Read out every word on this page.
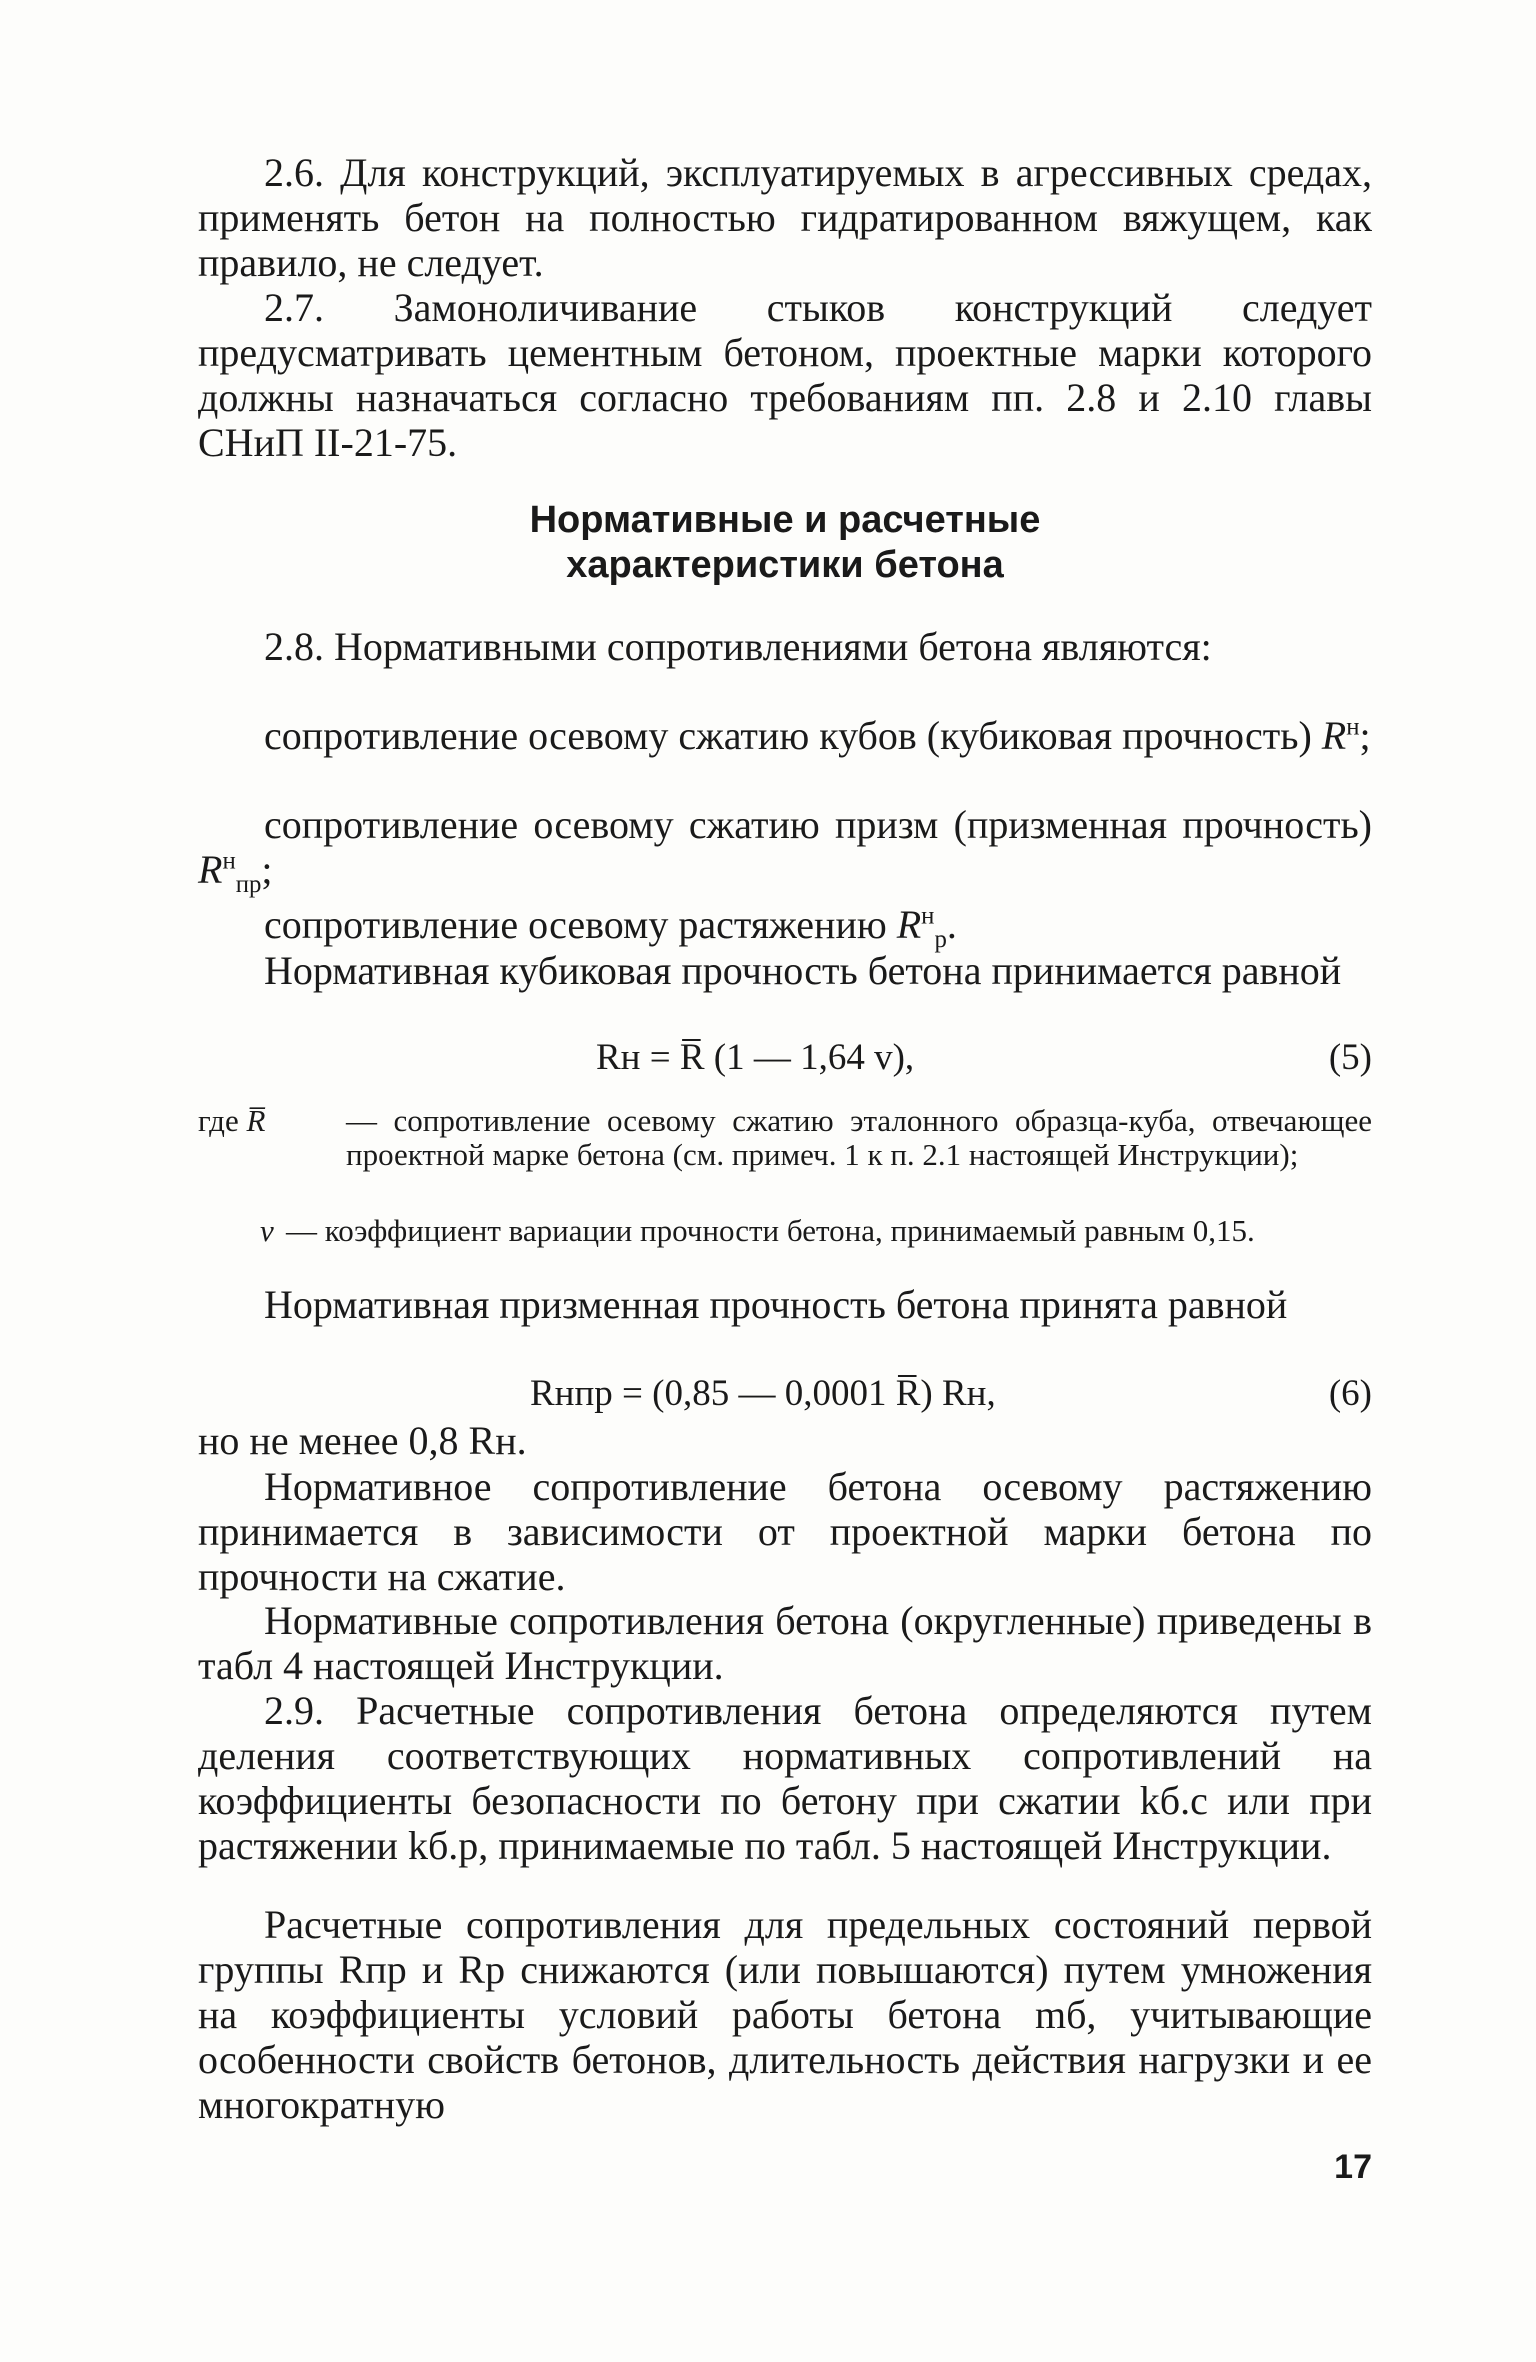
2.6. Для конструкций, эксплуатируемых в агрессивных средах, применять бетон на полностью гидратированном вяжущем, как правило, не следует.

2.7. Замоноличивание стыков конструкций следует предусматривать цементным бетоном, проектные марки которого должны назначаться согласно требованиям пп. 2.8 и 2.10 главы СНиП II-21-75.

Нормативные и расчетные
характеристики бетона

2.8. Нормативными сопротивлениями бетона являются:

сопротивление осевому сжатию кубов (кубиковая прочность) $R^н$;

сопротивление осевому сжатию призм (призменная прочность) $R^н_{пр}$;

сопротивление осевому растяжению $R^н_р$.

Нормативная кубиковая прочность бетона принимается равной

Rн = R̅ (1 — 1,64 v),	(5)
где R̅	— сопротивление осевому сжатию эталонного образца-куба, отвечающее проектной марке бетона (см. примеч. 1 к п. 2.1 настоящей Инструкции);
v — коэффициент вариации прочности бетона, принимаемый равным 0,15.

Нормативная призменная прочность бетона принята равной

Rнпр = (0,85 — 0,0001 R̅) Rн,	(6)

но не менее 0,8 Rн.

Нормативное сопротивление бетона осевому растяжению принимается в зависимости от проектной марки бетона по прочности на сжатие.

Нормативные сопротивления бетона (округленные) приведены в табл 4 настоящей Инструкции.

2.9. Расчетные сопротивления бетона определяются путем деления соответствующих нормативных сопротивлений на коэффициенты безопасности по бетону при сжатии kб.с или при растяжении kб.р, принимаемые по табл. 5 настоящей Инструкции.

Расчетные сопротивления для предельных состояний первой группы Rпр и Rр снижаются (или повышаются) путем умножения на коэффициенты условий работы бетона mб, учитывающие особенности свойств бетонов, длительность действия нагрузки и ее многократную

17
